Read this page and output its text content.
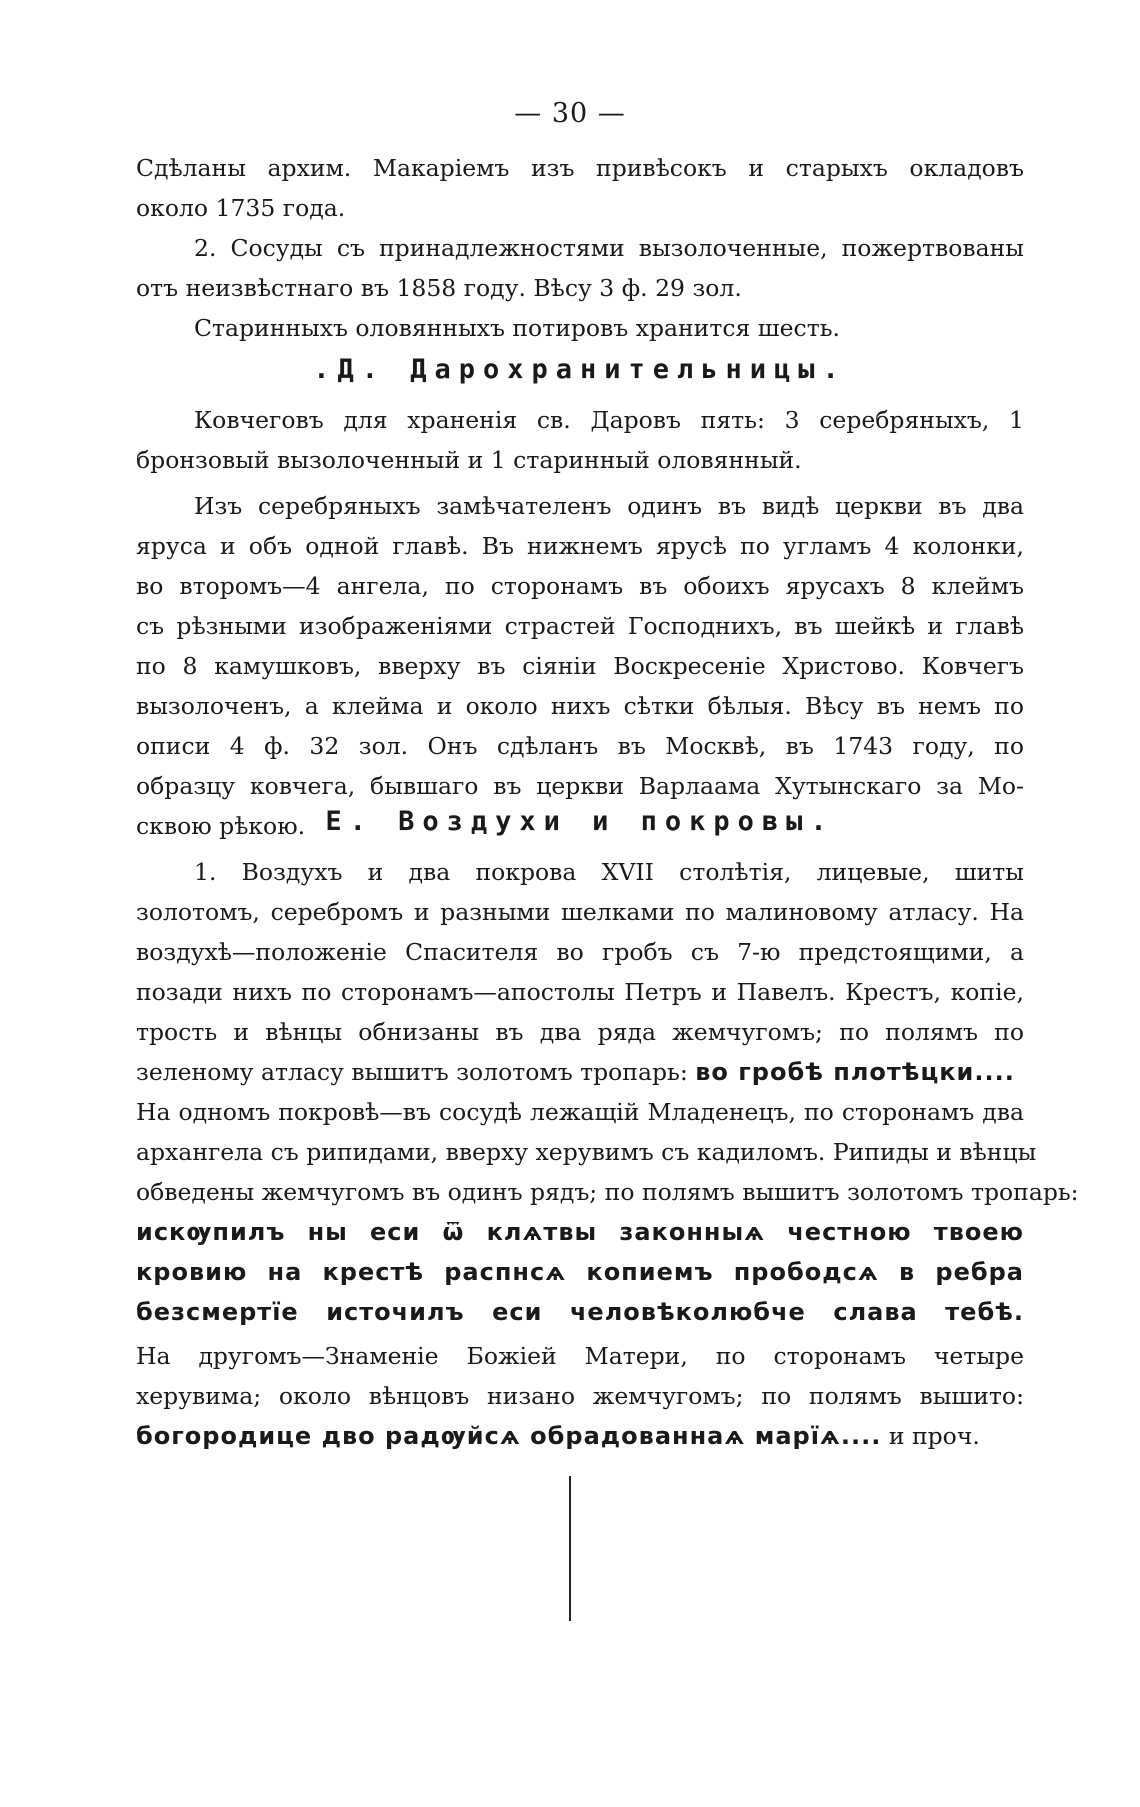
— 30 —
Сдѣланы архим. Макаріемъ изъ привѣсокъ и старыхъ окладовъ
около 1735 года.
2. Сосуды съ принадлежностями вызолоченные, пожертвованы
отъ неизвѣстнаго въ 1858 году. Вѣсу 3 ф. 29 зол.
Старинныхъ оловянныхъ потировъ хранится шесть.
.Д. Дарохранительницы.
Ковчеговъ для храненія св. Даровъ пять: 3 серебряныхъ, 1
бронзовый вызолоченный и 1 старинный оловянный.
Изъ серебряныхъ замѣчателенъ одинъ въ видѣ церкви въ два
яруса и объ одной главѣ. Въ нижнемъ ярусѣ по угламъ 4 колонки,
во второмъ—4 ангела, по сторонамъ въ обоихъ ярусахъ 8 клеймъ
съ рѣзными изображеніями страстей Господнихъ, въ шейкѣ и главѣ
по 8 камушковъ, вверху въ сіяніи Воскресеніе Христово. Ковчегъ
вызолоченъ, а клейма и около нихъ сѣтки бѣлыя. Вѣсу въ немъ по
описи 4 ф. 32 зол. Онъ сдѣланъ въ Москвѣ, въ 1743 году, по
образцу ковчега, бывшаго въ церкви Варлаама Хутынскаго за Мо-
сквою рѣкою. Е. Воздухи и покровы.
1. Воздухъ и два покрова XVII столѣтія, лицевые, шиты
золотомъ, серебромъ и разными шелками по малиновому атласу. На
воздухѣ—положеніе Спасителя во гробъ съ 7-ю предстоящими, а
позади нихъ по сторонамъ—апостолы Петръ и Павелъ. Крестъ, копіе,
трость и вѣнцы обнизаны въ два ряда жемчугомъ; по полямъ по
зеленому атласу вышитъ золотомъ тропарь: во гробѣ плотѣцки....
На одномъ покровѣ—въ сосудѣ лежащій Младенецъ, по сторонамъ два
архангела съ рипидами, вверху херувимъ съ кадиломъ. Рипиды и вѣнцы
обведены жемчугомъ въ одинъ рядъ; по полямъ вышитъ золотомъ тропарь:
искѹпилъ ны еси ѿ клѧтвы законныѧ честною твоею
кровию на крестѣ распнсѧ копиемъ прободсѧ в ребра
безсмертїе источилъ еси человѣколюбче слава тебѣ.
На другомъ—Знаменіе Божіей Матери, по сторонамъ четыре
херувима; около вѣнцовъ низано жемчугомъ; по полямъ вышито:
богородице дво радѹйсѧ обрадованнаѧ марїѧ.... и проч.
